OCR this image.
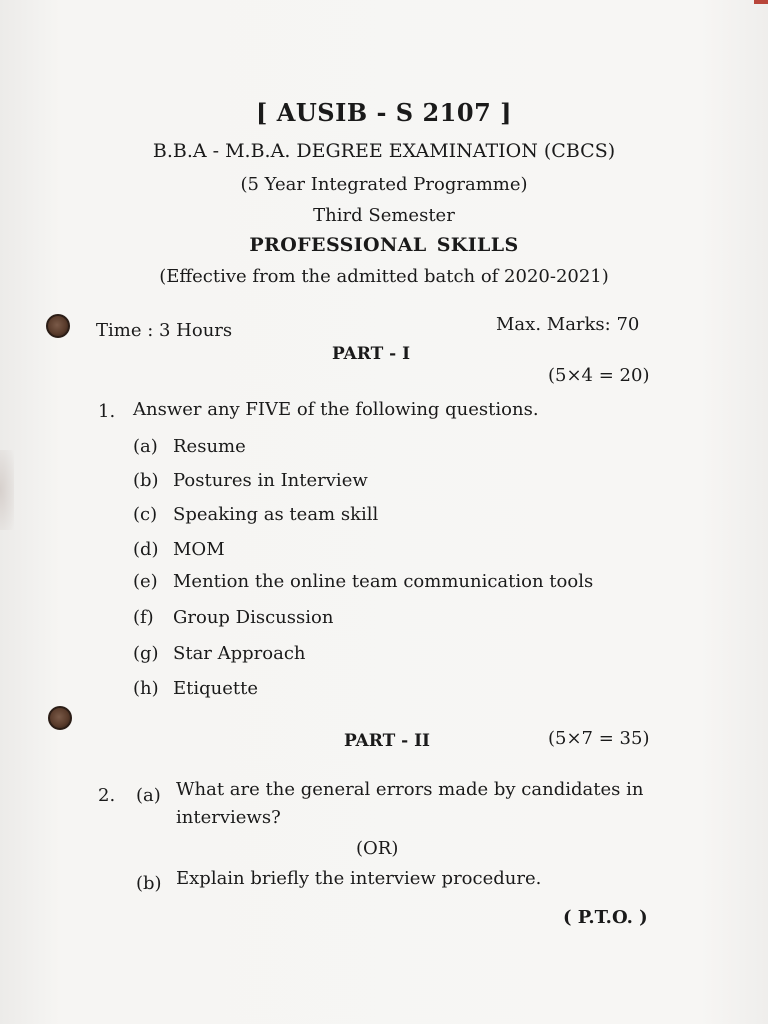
[ AUSIB - S 2107 ]
B.B.A - M.B.A. DEGREE EXAMINATION (CBCS)
(5 Year Integrated Programme)
Third Semester
PROFESSIONAL SKILLS
(Effective from the admitted batch of 2020-2021)
Time : 3 Hours	Max. Marks: 70
PART - I
(5×4 = 20)
1. Answer any FIVE of the following questions.
(a) Resume
(b) Postures in Interview
(c) Speaking as team skill
(d) MOM
(e) Mention the online team communication tools
(f) Group Discussion
(g) Star Approach
(h) Etiquette
PART - II	(5×7 = 35)
2. (a) What are the general errors made by candidates in interviews?
(OR)
(b) Explain briefly the interview procedure.
( P.T.O. )
